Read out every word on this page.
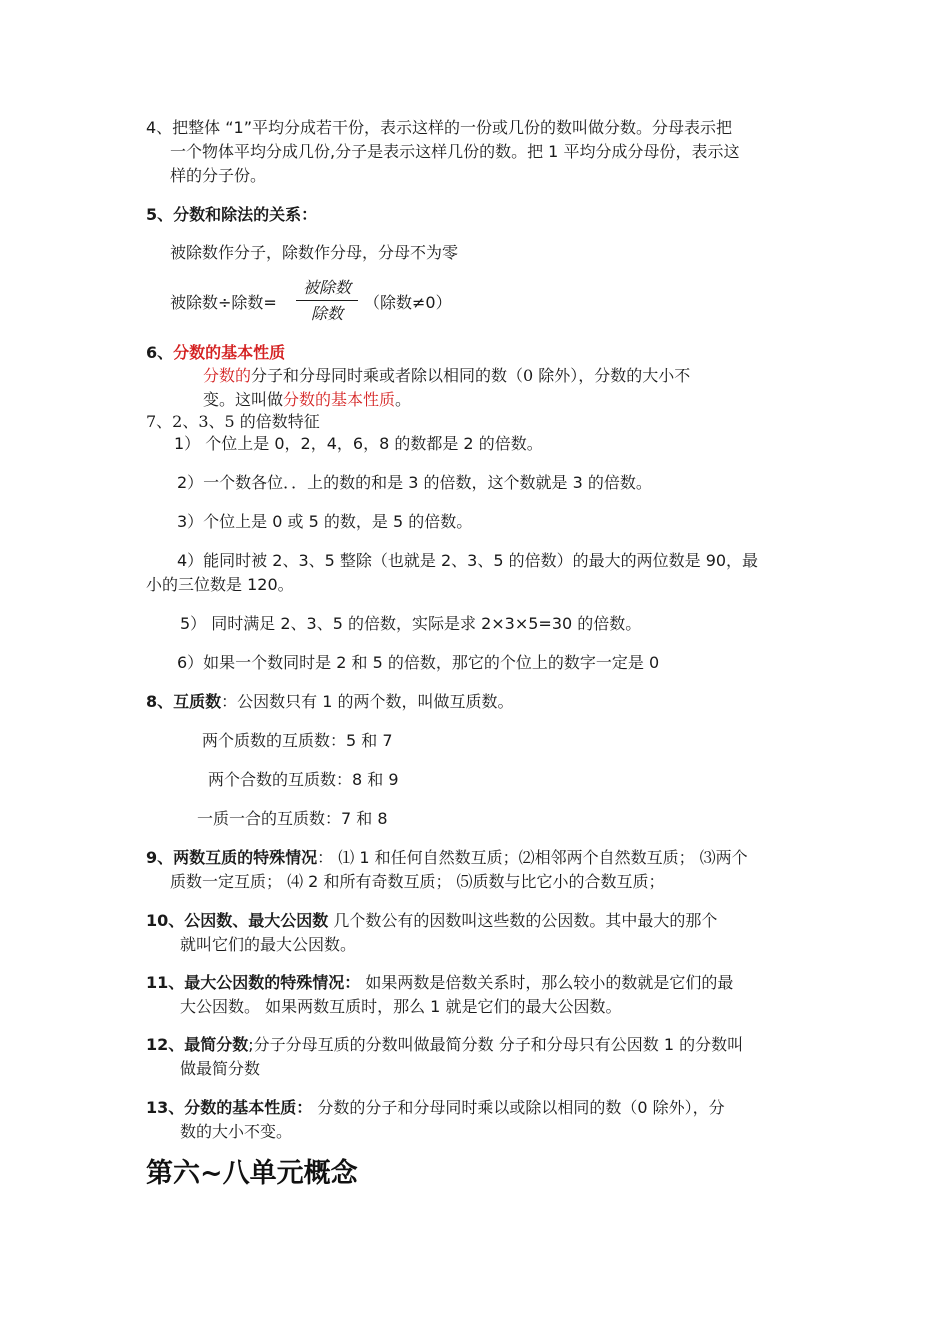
4、把整体 “1”平均分成若干份，表示这样的一份或几份的数叫做分数。分母表示把
一个物体平均分成几份,分子是表示这样几份的数。把 1 平均分成分母份，表示这
样的分子份。
5、分数和除法的关系：
被除数作分子，除数作分母，分母不为零
被除数÷除数=
被除数
除数
（除数≠0）
6、分数的基本性质
分数的分子和分母同时乘或者除以相同的数（0 除外），分数的大小不
变。这叫做分数的基本性质。
7、2、3、5 的倍数特征
1） 个位上是 0，2，4，6，8 的数都是 2 的倍数。
2）一个数各位．．上的数的和是 3 的倍数，这个数就是 3 的倍数。
3）个位上是 0 或 5 的数，是 5 的倍数。
4）能同时被 2、3、5 整除（也就是 2、3、5 的倍数）的最大的两位数是 90，最
小的三位数是 120。
5） 同时满足 2、3、5 的倍数，实际是求 2×3×5=30 的倍数。
6）如果一个数同时是 2 和 5 的倍数，那它的个位上的数字一定是 0
8、互质数：公因数只有 1 的两个数，叫做互质数。
两个质数的互质数：5 和 7
两个合数的互质数：8 和 9
一质一合的互质数：7 和 8
9、两数互质的特殊情况： ⑴ 1 和任何自然数互质；⑵相邻两个自然数互质； ⑶两个
质数一定互质； ⑷ 2 和所有奇数互质； ⑸质数与比它小的合数互质；
10、公因数、最大公因数 几个数公有的因数叫这些数的公因数。其中最大的那个
就叫它们的最大公因数。
11、最大公因数的特殊情况： 如果两数是倍数关系时，那么较小的数就是它们的最
大公因数。 如果两数互质时，那么 1 就是它们的最大公因数。
12、最简分数;分子分母互质的分数叫做最简分数 分子和分母只有公因数 1 的分数叫
做最简分数
13、分数的基本性质： 分数的分子和分母同时乘以或除以相同的数（0 除外），分
数的大小不变。
第六~八单元概念
